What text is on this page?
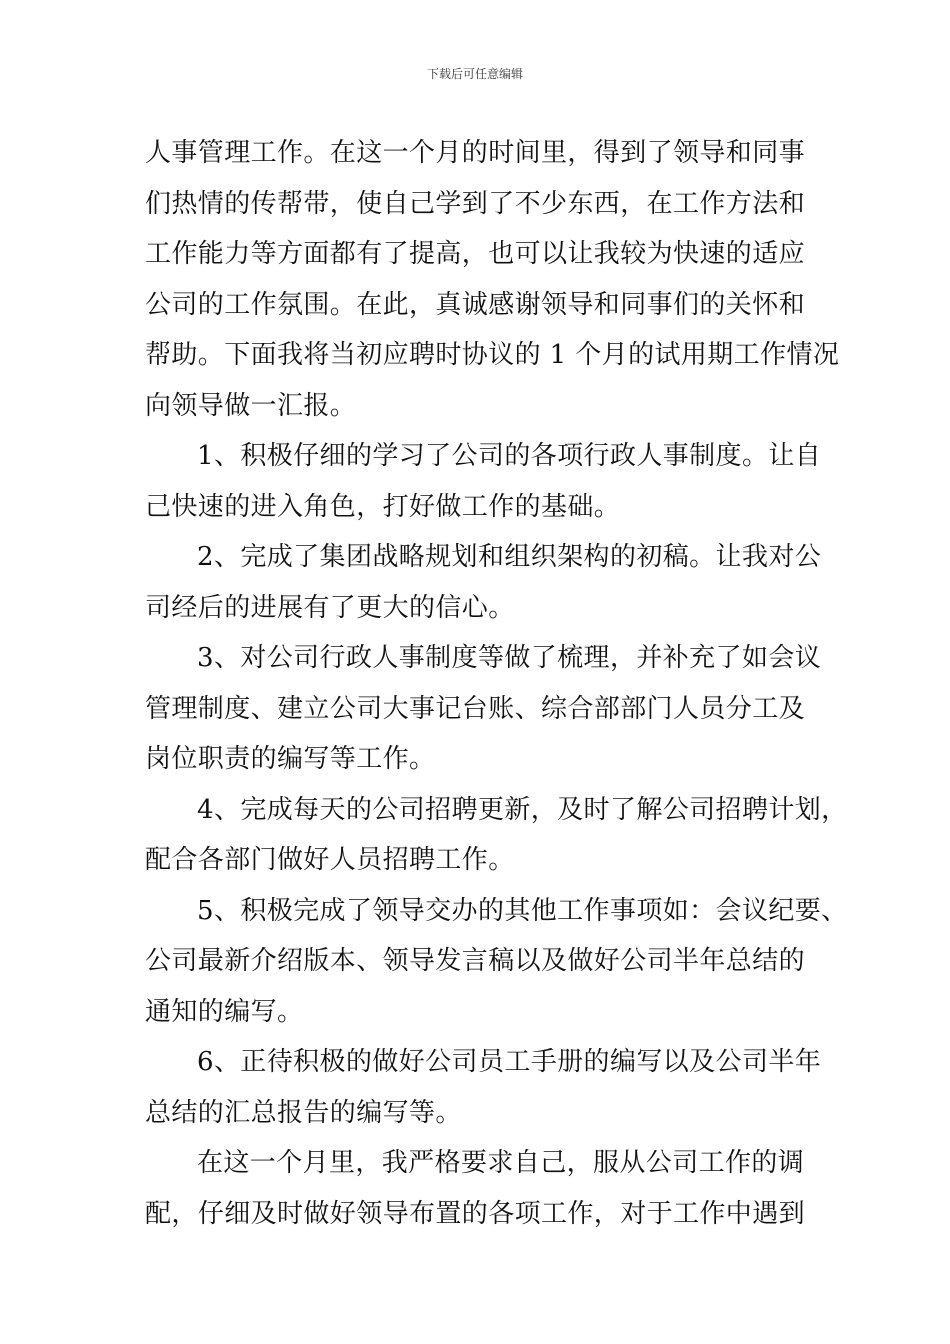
下载后可任意编辑
人事管理工作。在这一个月的时间里，得到了领导和同事
们热情的传帮带，使自己学到了不少东西，在工作方法和
工作能力等方面都有了提高，也可以让我较为快速的适应
公司的工作氛围。在此，真诚感谢领导和同事们的关怀和
帮助。下面我将当初应聘时协议的 1 个月的试用期工作情况
向领导做一汇报。
1、积极仔细的学习了公司的各项行政人事制度。让自
己快速的进入角色，打好做工作的基础。
2、完成了集团战略规划和组织架构的初稿。让我对公
司经后的进展有了更大的信心。
3、对公司行政人事制度等做了梳理，并补充了如会议
管理制度、建立公司大事记台账、综合部部门人员分工及
岗位职责的编写等工作。
4、完成每天的公司招聘更新，及时了解公司招聘计划，
配合各部门做好人员招聘工作。
5、积极完成了领导交办的其他工作事项如：会议纪要、
公司最新介绍版本、领导发言稿以及做好公司半年总结的
通知的编写。
6、正待积极的做好公司员工手册的编写以及公司半年
总结的汇总报告的编写等。
在这一个月里，我严格要求自己，服从公司工作的调
配，仔细及时做好领导布置的各项工作，对于工作中遇到
